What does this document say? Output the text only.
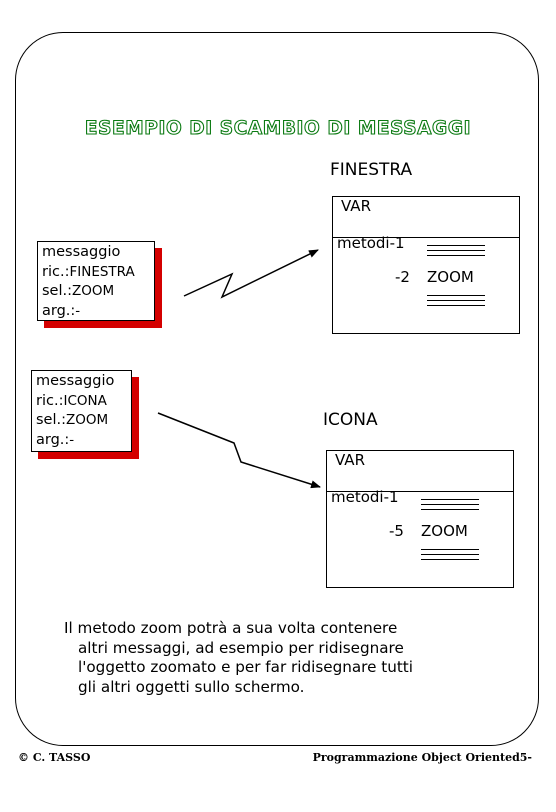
ESEMPIO DI SCAMBIO DI MESSAGGI
FINESTRA
VAR
metodi-1
-2 ZOOM
ICONA
VAR
metodi-1
-5 ZOOM
messaggio
ric.:FINESTRA
sel.:ZOOM
arg.:-
messaggio
ric.:ICONA
sel.:ZOOM
arg.:-
Il metodo zoom potrà a sua volta contenere
altri messaggi, ad esempio per ridisegnare
l'oggetto zoomato e per far ridisegnare tutti
gli altri oggetti sullo schermo.
© C. TASSO	Programmazione Object Oriented5-
